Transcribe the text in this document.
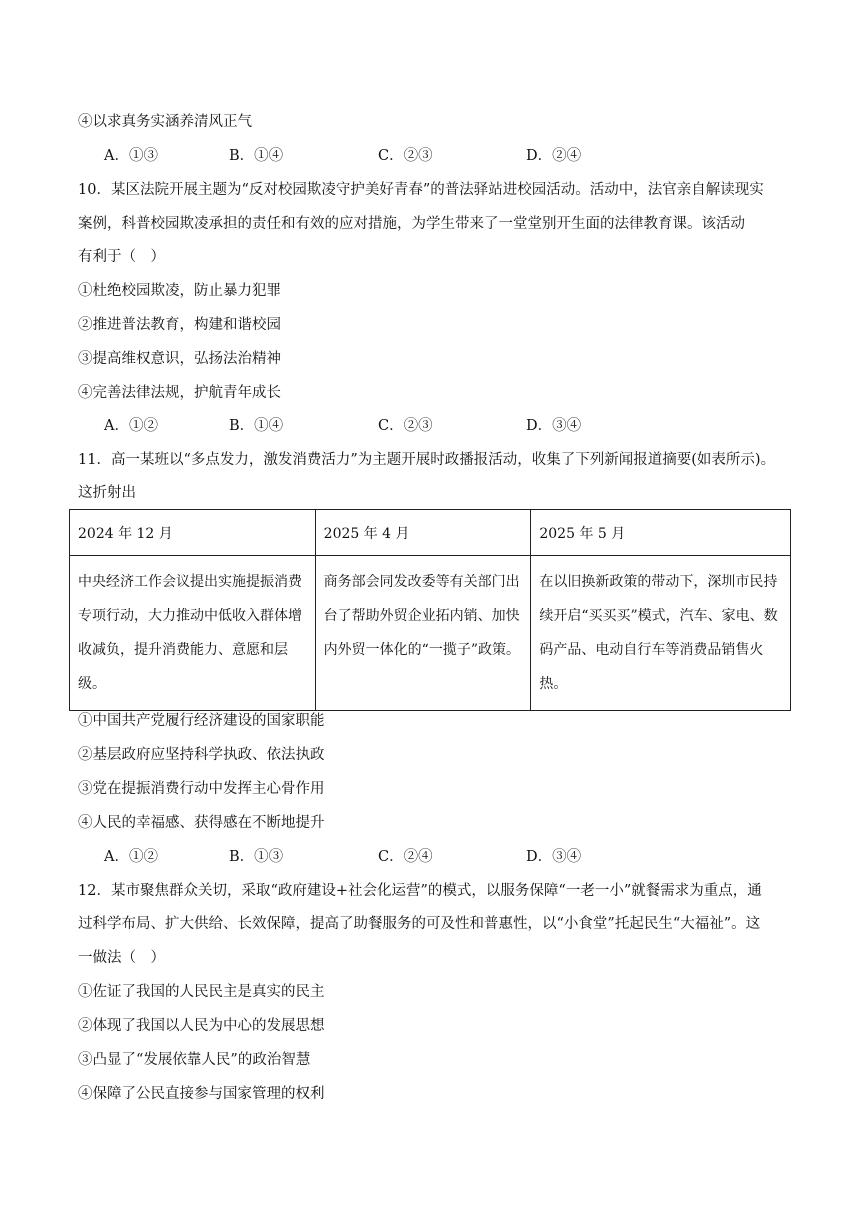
④以求真务实涵养清风正气
A．①③	B．①④	C．②③	D．②④
10．某区法院开展主题为“反对校园欺凌守护美好青春”的普法驿站进校园活动。活动中，法官亲自解读现实
案例，科普校园欺凌承担的责任和有效的应对措施，为学生带来了一堂堂别开生面的法律教育课。该活动
有利于（　）
①杜绝校园欺凌，防止暴力犯罪
②推进普法教育，构建和谐校园
③提高维权意识，弘扬法治精神
④完善法律法规，护航青年成长
A．①②	B．①④	C．②③	D．③④
11．高一某班以“多点发力，激发消费活力”为主题开展时政播报活动，收集了下列新闻报道摘要(如表所示)。
这折射出
2024 年 12 月	2025 年 4 月	2025 年 5 月

中央经济工作会议提出实施提振消费专项行动，大力推动中低收入群体增收减负，提升消费能力、意愿和层级。	商务部会同发改委等有关部门出台了帮助外贸企业拓内销、加快内外贸一体化的“一揽子”政策。	在以旧换新政策的带动下，深圳市民持续开启“买买买”模式，汽车、家电、数码产品、电动自行车等消费品销售火热。
①中国共产党履行经济建设的国家职能
②基层政府应坚持科学执政、依法执政
③党在提振消费行动中发挥主心骨作用
④人民的幸福感、获得感在不断地提升
A．①②	B．①③	C．②④	D．③④
12．某市聚焦群众关切，采取“政府建设+社会化运营”的模式，以服务保障“一老一小”就餐需求为重点，通
过科学布局、扩大供给、长效保障，提高了助餐服务的可及性和普惠性，以“小食堂”托起民生“大福祉”。这
一做法（　）
①佐证了我国的人民民主是真实的民主
②体现了我国以人民为中心的发展思想
③凸显了“发展依靠人民”的政治智慧
④保障了公民直接参与国家管理的权利
